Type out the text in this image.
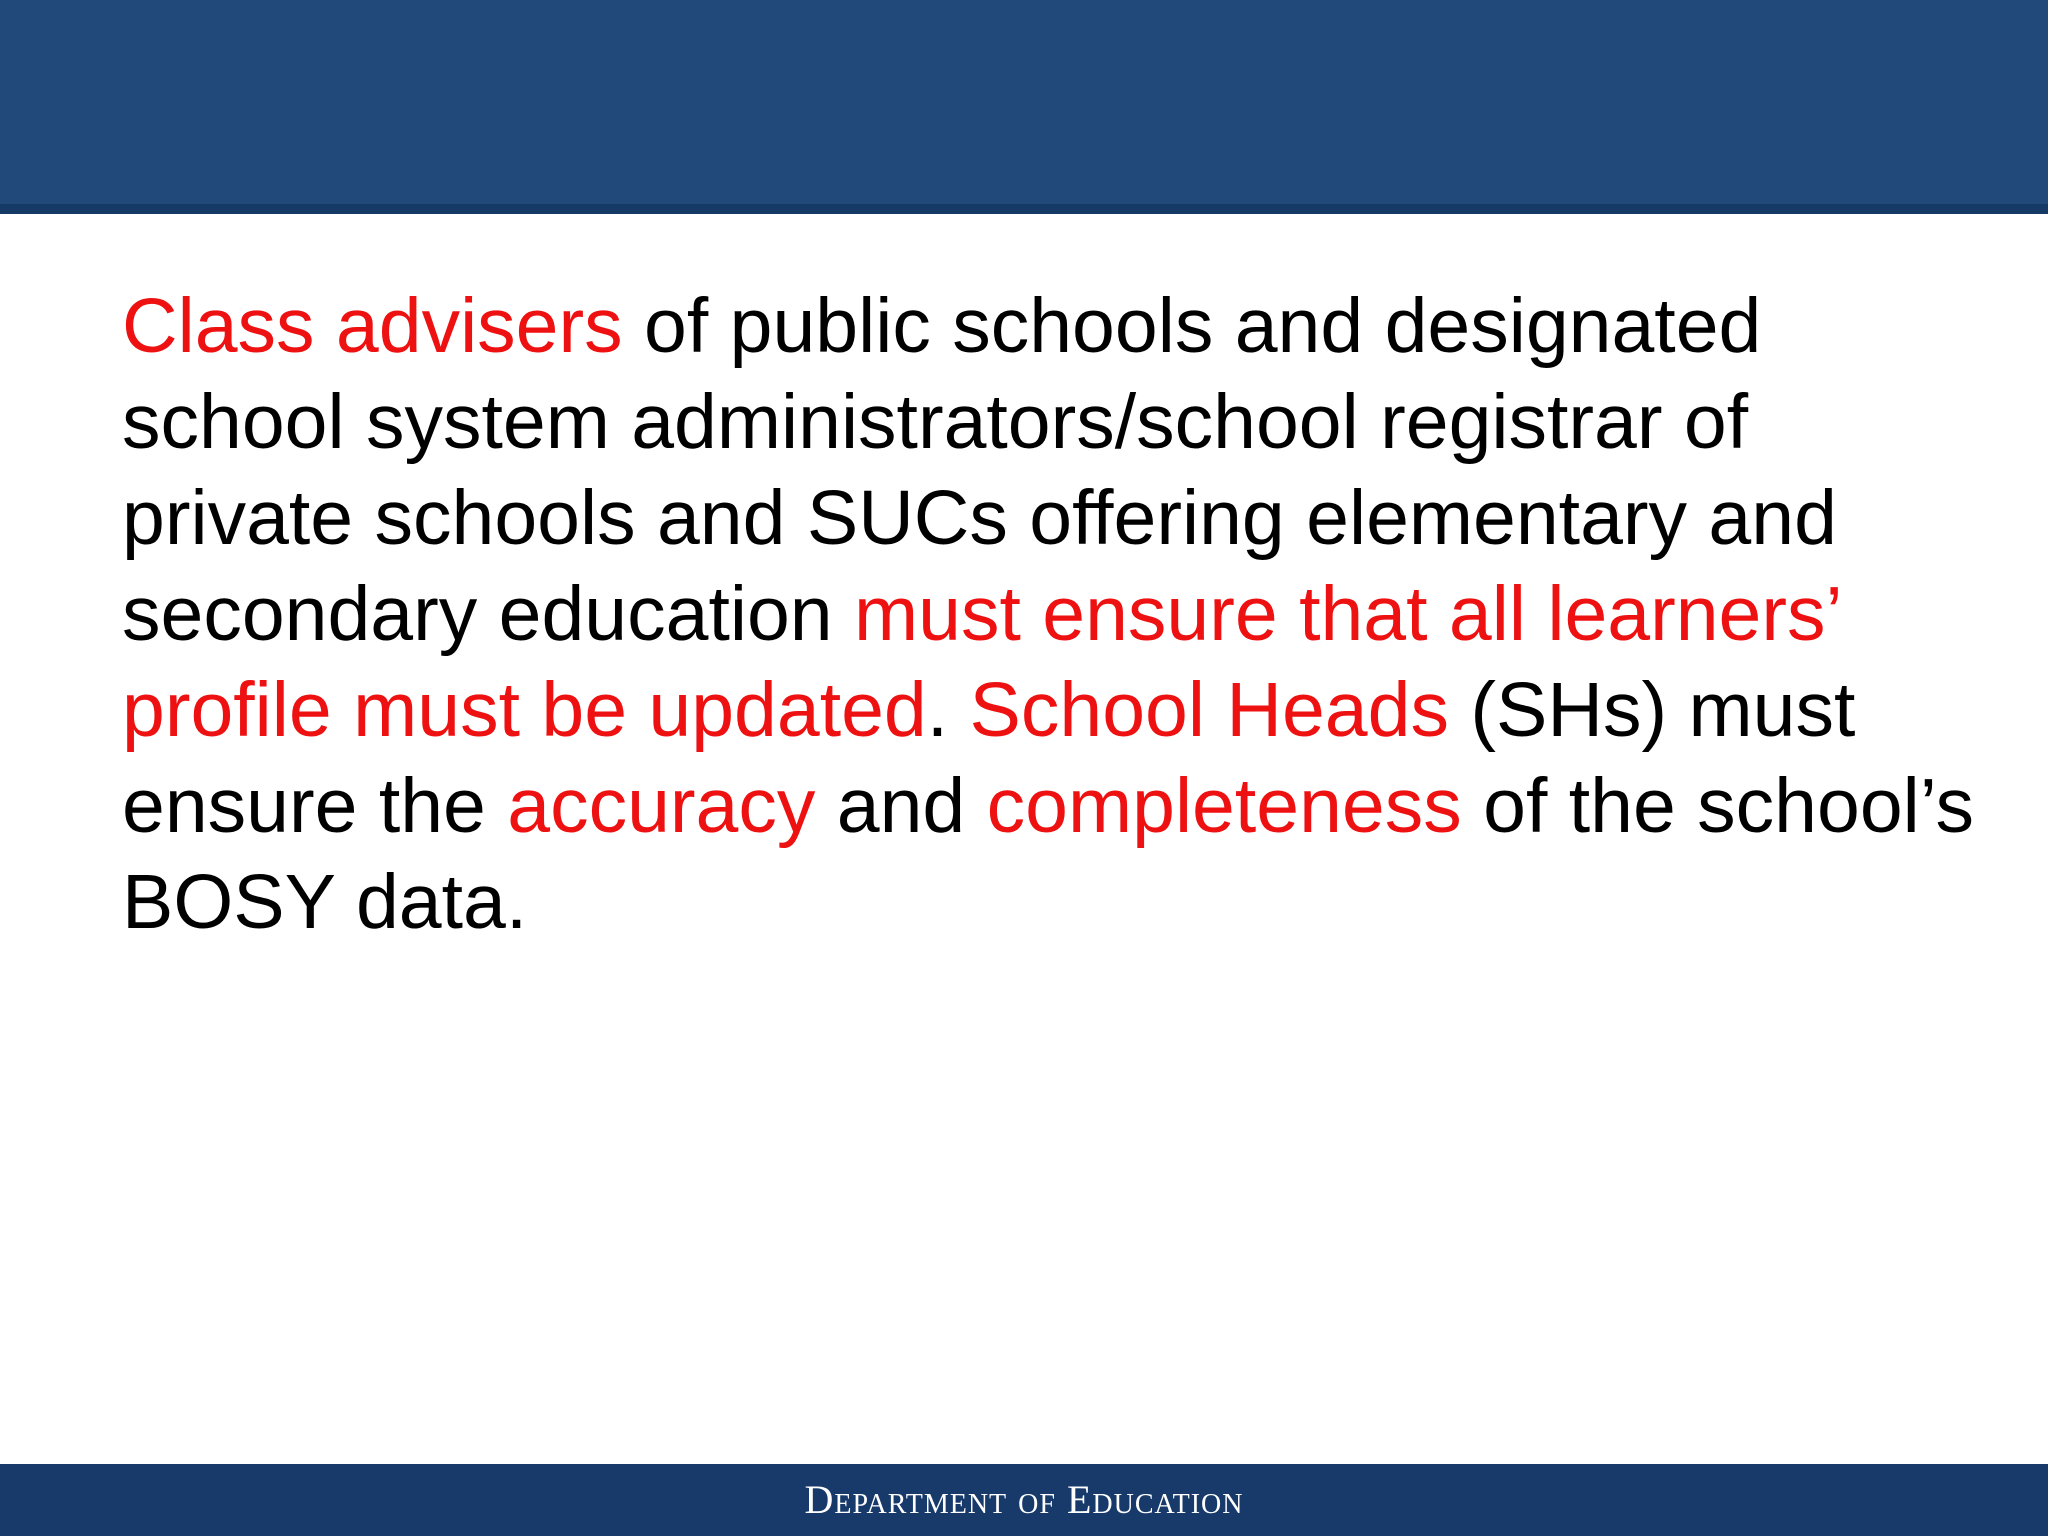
Class advisers of public schools and designated school system administrators/school registrar of private schools and SUCs offering elementary and secondary education must ensure that all learners’ profile must be updated. School Heads (SHs) must ensure the accuracy and completeness of the school’s BOSY data.

Department of Education
